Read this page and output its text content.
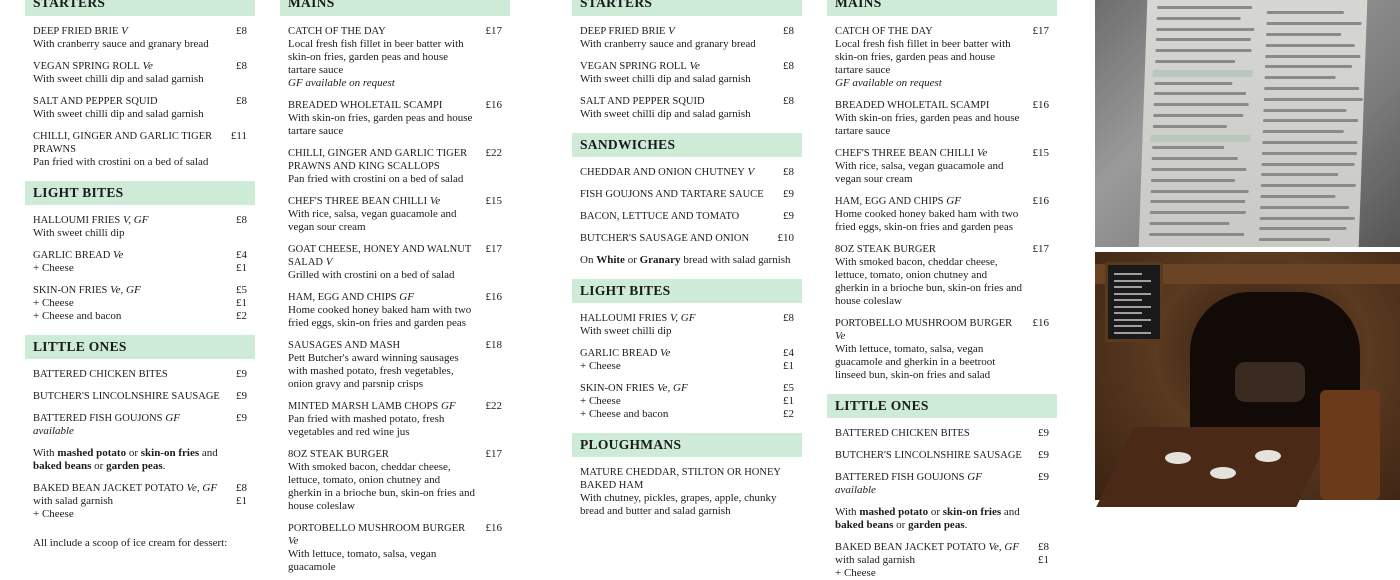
STARTERS
DEEP FRIED BRIE V
With cranberry sauce and granary bread
£8
VEGAN SPRING ROLL Ve
With sweet chilli dip and salad garnish
£8
SALT AND PEPPER SQUID
With sweet chilli dip and salad garnish
£8
CHILLI, GINGER AND GARLIC TIGER PRAWNS
Pan fried with crostini on a bed of salad
£11
LIGHT BITES
HALLOUMI FRIES V, GF
With sweet chilli dip
£8
GARLIC BREAD Ve
+ Cheese
£4
£1
SKIN-ON FRIES Ve, GF
+ Cheese
+ Cheese and bacon
£5
£1
£2
LITTLE ONES
BATTERED CHICKEN BITES	£9
BUTCHER'S LINCOLNSHIRE SAUSAGE	£9
BATTERED FISH GOUJONS GF available
£9
With mashed potato or skin-on fries and baked beans or garden peas.
BAKED BEAN JACKET POTATO Ve, GF
with salad garnish
+ Cheese
£8
£1
All include a scoop of ice cream for dessert:
MAINS
CATCH OF THE DAY
Local fresh fish fillet in beer batter with skin-on fries, garden peas and house tartare sauce
GF available on request
£17
BREADED WHOLETAIL SCAMPI
With skin-on fries, garden peas and house tartare sauce
£16
CHILLI, GINGER AND GARLIC TIGER PRAWNS AND KING SCALLOPS
Pan fried with crostini on a bed of salad
£22
CHEF'S THREE BEAN CHILLI Ve
With rice, salsa, vegan guacamole and vegan sour cream
£15
GOAT CHEESE, HONEY AND WALNUT SALAD V
Grilled with crostini on a bed of salad
£17
HAM, EGG AND CHIPS GF
Home cooked honey baked ham with two fried eggs, skin-on fries and garden peas
£16
SAUSAGES AND MASH
Pett Butcher's award winning sausages with mashed potato, fresh vegetables, onion gravy and parsnip crisps
£18
MINTED MARSH LAMB CHOPS GF
Pan fried with mashed potato, fresh vegetables and red wine jus
£22
8OZ STEAK BURGER
With smoked bacon, cheddar cheese, lettuce, tomato, onion chutney and gherkin in a brioche bun, skin-on fries and house coleslaw
£17
PORTOBELLO MUSHROOM BURGER Ve
With lettuce, tomato, salsa, vegan guacamole
£16
STARTERS
DEEP FRIED BRIE V
With cranberry sauce and granary bread
£8
VEGAN SPRING ROLL Ve
With sweet chilli dip and salad garnish
£8
SALT AND PEPPER SQUID
With sweet chilli dip and salad garnish
£8
SANDWICHES
CHEDDAR AND ONION CHUTNEY V	£8
FISH GOUJONS AND TARTARE SAUCE	£9
BACON, LETTUCE AND TOMATO	£9
BUTCHER'S SAUSAGE AND ONION	£10
On White or Granary bread with salad garnish
LIGHT BITES
HALLOUMI FRIES V, GF
With sweet chilli dip
£8
GARLIC BREAD Ve
+ Cheese
£4
£1
SKIN-ON FRIES Ve, GF
+ Cheese
+ Cheese and bacon
£5
£1
£2
PLOUGHMANS
MATURE CHEDDAR, STILTON OR HONEY BAKED HAM
With chutney, pickles, grapes, apple, chunky bread and butter and salad garnish
MAINS
CATCH OF THE DAY
Local fresh fish fillet in beer batter with skin-on fries, garden peas and house tartare sauce
GF available on request
£17
BREADED WHOLETAIL SCAMPI
With skin-on fries, garden peas and house tartare sauce
£16
CHEF'S THREE BEAN CHILLI Ve
With rice, salsa, vegan guacamole and vegan sour cream
£15
HAM, EGG AND CHIPS GF
Home cooked honey baked ham with two fried eggs, skin-on fries and garden peas
£16
8OZ STEAK BURGER
With smoked bacon, cheddar cheese, lettuce, tomato, onion chutney and gherkin in a brioche bun, skin-on fries and house coleslaw
£17
PORTOBELLO MUSHROOM BURGER Ve
With lettuce, tomato, salsa, vegan guacamole and gherkin in a beetroot linseed bun, skin-on fries and salad
£16
LITTLE ONES
BATTERED CHICKEN BITES	£9
BUTCHER'S LINCOLNSHIRE SAUSAGE	£9
BATTERED FISH GOUJONS GF available
£9
With mashed potato or skin-on fries and baked beans or garden peas.
BAKED BEAN JACKET POTATO Ve, GF
with salad garnish
+ Cheese
£8
£1
